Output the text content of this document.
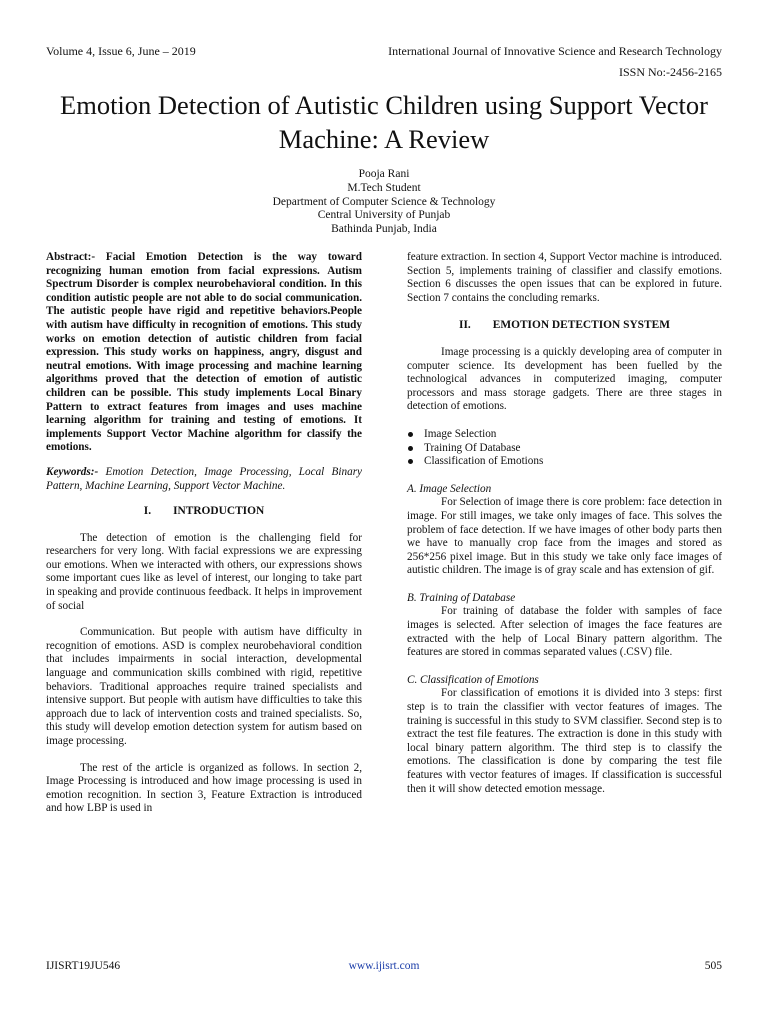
Volume 4, Issue 6, June – 2019	International Journal of Innovative Science and Research Technology
ISSN No:-2456-2165
Emotion Detection of Autistic Children using Support Vector Machine: A Review
Pooja Rani
M.Tech Student
Department of Computer Science & Technology
Central University of Punjab
Bathinda Punjab, India

Abstract:- Facial Emotion Detection is the way toward recognizing human emotion from facial expressions. Autism Spectrum Disorder is complex neurobehavioral condition. In this condition autistic people are not able to do social communication. The autistic people have rigid and repetitive behaviors.People with autism have difficulty in recognition of emotions. This study works on emotion detection of autistic children from facial expression. This study works on happiness, angry, disgust and neutral emotions. With image processing and machine learning algorithms proved that the detection of emotion of autistic children can be possible. This study implements Local Binary Pattern to extract features from images and uses machine learning algorithm for training and testing of emotions. It implements Support Vector Machine algorithm for classify the emotions.

Keywords:- Emotion Detection, Image Processing, Local Binary Pattern, Machine Learning, Support Vector Machine.

I. INTRODUCTION

The detection of emotion is the challenging field for researchers for very long. With facial expressions we are expressing our emotions. When we interacted with others, our expressions shows some important cues like as level of interest, our longing to take part in speaking and provide continuous feedback. It helps in improvement of social

Communication. But people with autism have difficulty in recognition of emotions. ASD is complex neurobehavioral condition that includes impairments in social interaction, developmental language and communication skills combined with rigid, repetitive behaviors. Traditional approaches require trained specialists and intensive support. But people with autism have difficulties to take this approach due to lack of intervention costs and trained specialists. So, this study will develop emotion detection system for autism based on image processing.

The rest of the article is organized as follows. In section 2, Image Processing is introduced and how image processing is used in emotion recognition. In section 3, Feature Extraction is introduced and how LBP is used in

feature extraction. In section 4, Support Vector machine is introduced. Section 5, implements training of classifier and classify emotions. Section 6 discusses the open issues that can be explored in future. Section 7 contains the concluding remarks.

II. EMOTION DETECTION SYSTEM

Image processing is a quickly developing area of computer in computer science. Its development has been fuelled by the technological advances in computerized imaging, computer processors and mass storage gadgets. There are three stages in detection of emotions.

Image Selection
Training Of Database
Classification of Emotions

A. Image Selection

For Selection of image there is core problem: face detection in image. For still images, we take only images of face. This solves the problem of face detection. If we have images of other body parts then we have to manually crop face from the images and stored as 256*256 pixel image. But in this study we take only face images of autistic children. The image is of gray scale and has extension of gif.

B. Training of Database

For training of database the folder with samples of face images is selected. After selection of images the face features are extracted with the help of Local Binary pattern algorithm. The features are stored in commas separated values (.CSV) file.

C. Classification of Emotions

For classification of emotions it is divided into 3 steps: first step is to train the classifier with vector features of images. The training is successful in this study to SVM classifier. Second step is to extract the test file features. The extraction is done in this study with local binary pattern algorithm. The third step is to classify the emotions. The classification is done by comparing the test file features with vector features of images. If classification is successful then it will show detected emotion message.

IJISRT19JU546	www.ijisrt.com	505
